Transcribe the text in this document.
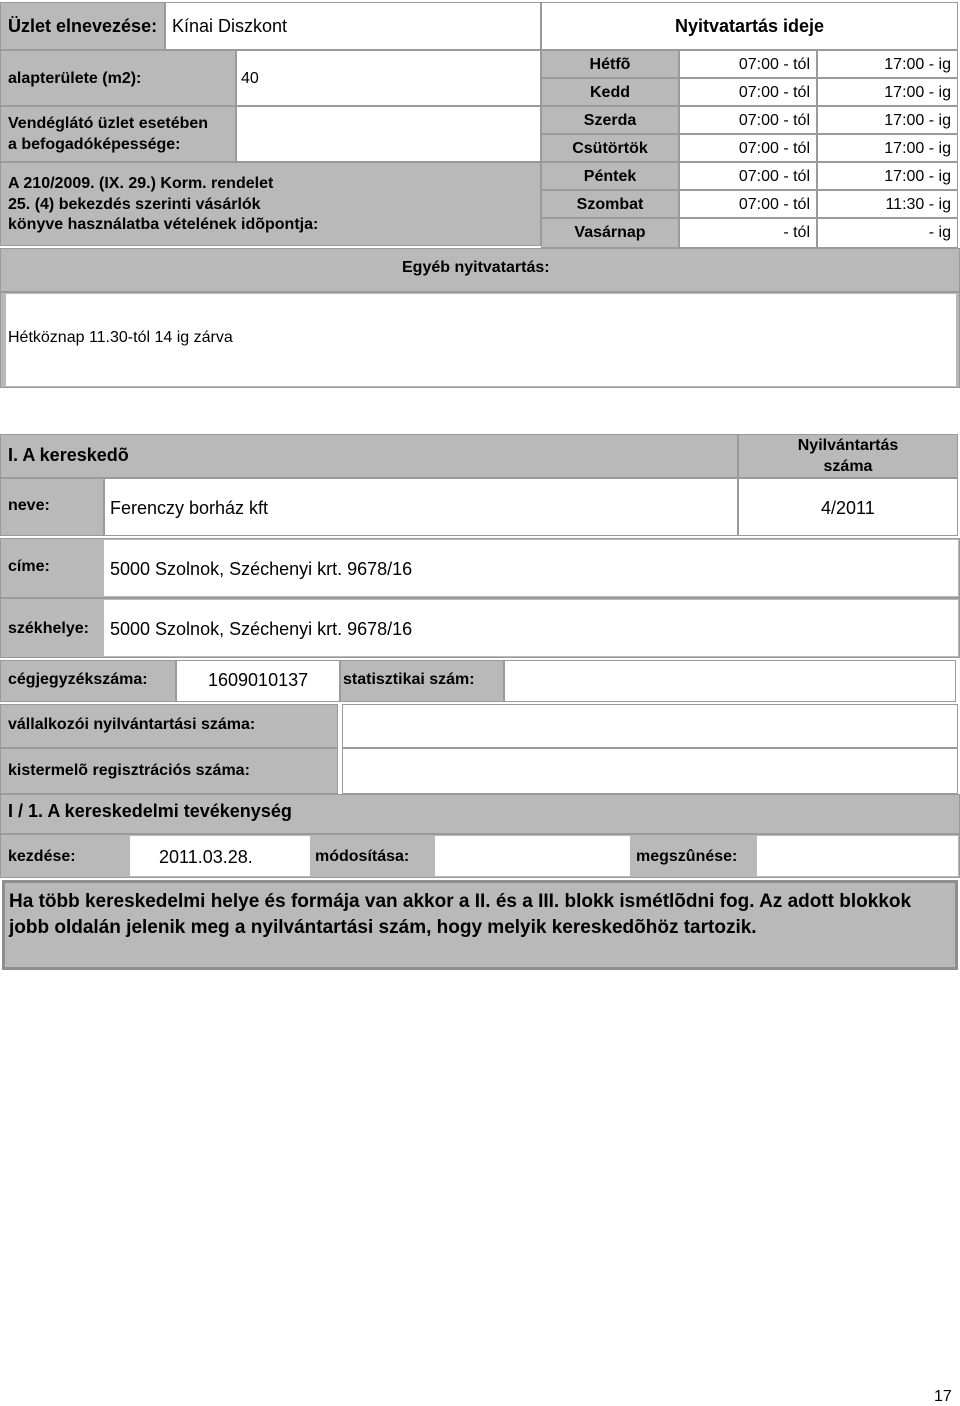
Üzlet elnevezése: Kínai Diszkont
alapterülete (m2):	40
Vendéglátó üzlet esetében
a befogadóképessége:
A 210/2009. (IX. 29.) Korm. rendelet
25. (4) bekezdés szerinti vásárlók
könyve használatba vételének idõpontja:
Nyitvatartás ideje
Hétfõ	07:00 - tól	17:00 - ig
Kedd	07:00 - tól	17:00 - ig
Szerda	07:00 - tól	17:00 - ig
Csütörtök	07:00 - tól	17:00 - ig
Péntek	07:00 - tól	17:00 - ig
Szombat	07:00 - tól	11:30 - ig
Vasárnap	- tól	- ig
Egyéb nyitvatartás:
Hétköznap 11.30-tól 14 ig zárva
I. A kereskedõ	Nyilvántartás
száma
neve:	Ferenczy borház kft	4/2011
címe:	5000 Szolnok, Széchenyi krt. 9678/16
székhelye: 5000 Szolnok, Széchenyi krt. 9678/16
cégjegyzékszáma:	1609010137 statisztikai szám:
vállalkozói nyilvántartási száma:
kistermelõ regisztrációs száma:
I / 1. A kereskedelmi tevékenység
kezdése:	2011.03.28.	módosítása:	megszûnése:
Ha több kereskedelmi helye és formája van akkor a II. és a III. blokk ismétlõdni fog. Az adott blokkok jobb oldalán jelenik meg a nyilvántartási szám, hogy melyik kereskedõhöz tartozik.
17
